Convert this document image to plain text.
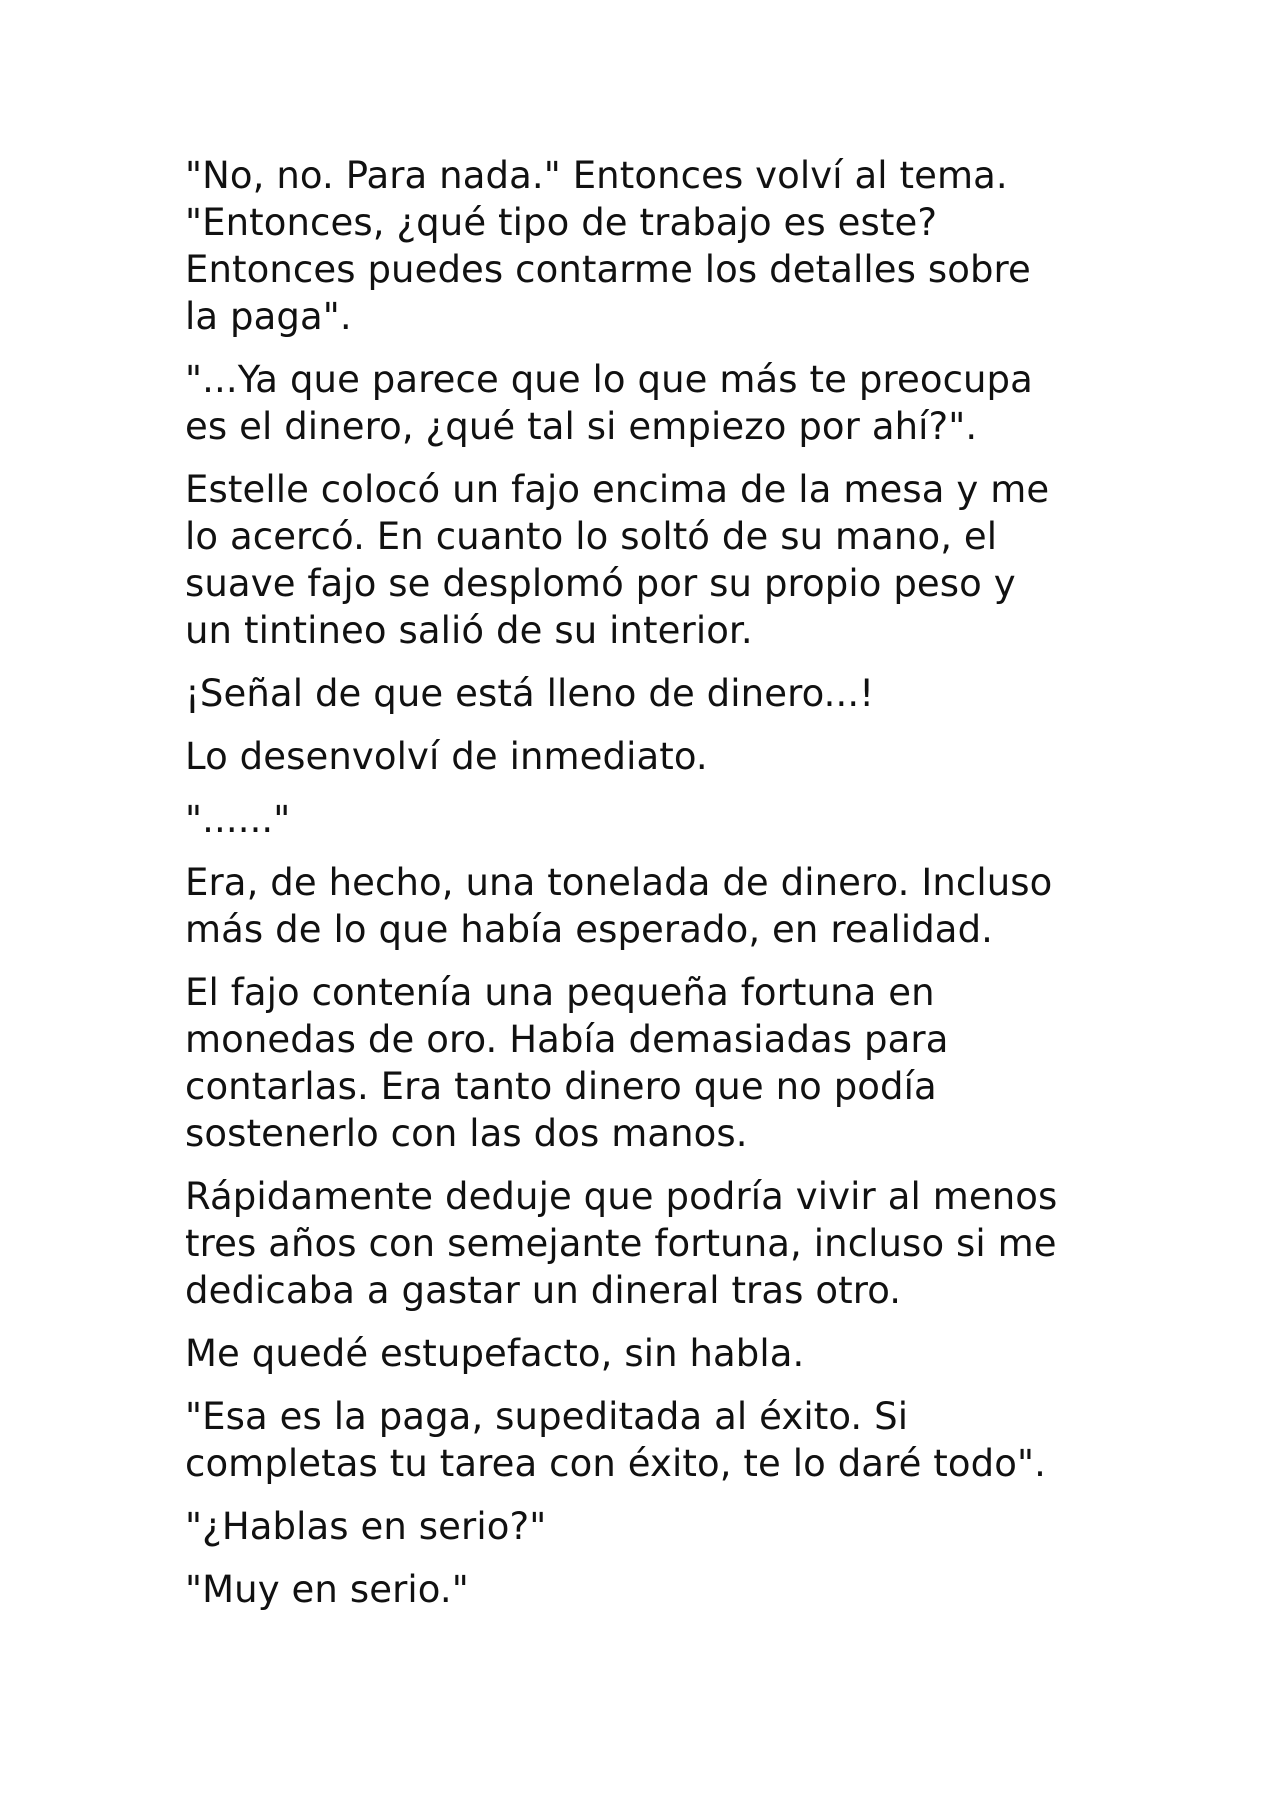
"No, no. Para nada." Entonces volví al tema.
"Entonces, ¿qué tipo de trabajo es este?
Entonces puedes contarme los detalles sobre
la paga".

"...Ya que parece que lo que más te preocupa
es el dinero, ¿qué tal si empiezo por ahí?".

Estelle colocó un fajo encima de la mesa y me
lo acercó. En cuanto lo soltó de su mano, el
suave fajo se desplomó por su propio peso y
un tintineo salió de su interior.

¡Señal de que está lleno de dinero...!

Lo desenvolví de inmediato.

"......"

Era, de hecho, una tonelada de dinero. Incluso
más de lo que había esperado, en realidad.

El fajo contenía una pequeña fortuna en
monedas de oro. Había demasiadas para
contarlas. Era tanto dinero que no podía
sostenerlo con las dos manos.

Rápidamente deduje que podría vivir al menos
tres años con semejante fortuna, incluso si me
dedicaba a gastar un dineral tras otro.

Me quedé estupefacto, sin habla.

"Esa es la paga, supeditada al éxito. Si
completas tu tarea con éxito, te lo daré todo".

"¿Hablas en serio?"

"Muy en serio."
